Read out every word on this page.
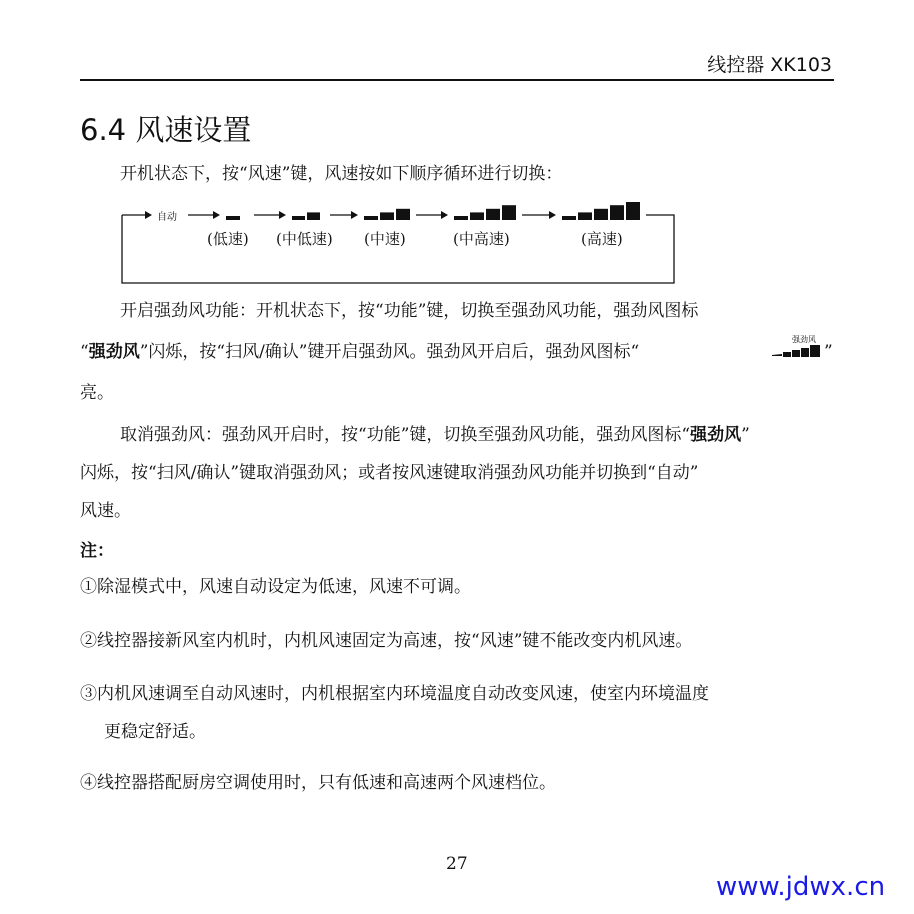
线控器 XK103
6.4 风速设置
开机状态下，按“风速”键，风速按如下顺序循环进行切换：
自动
(低速) (中低速) (中速)	(中高速)	(高速)
开启强劲风功能：开机状态下，按“功能”键，切换至强劲风功能，强劲风图标
“强劲风”闪烁，按“扫风/确认”键开启强劲风。强劲风开启后，强劲风图标“
强劲风
”
亮。
取消强劲风：强劲风开启时，按“功能”键，切换至强劲风功能，强劲风图标“强劲风”
闪烁，按“扫风/确认”键取消强劲风；或者按风速键取消强劲风功能并切换到“自动”
风速。
注：
①除湿模式中，风速自动设定为低速，风速不可调。
②线控器接新风室内机时，内机风速固定为高速，按“风速”键不能改变内机风速。
③内机风速调至自动风速时，内机根据室内环境温度自动改变风速，使室内环境温度
更稳定舒适。
④线控器搭配厨房空调使用时，只有低速和高速两个风速档位。
27
www.jdwx.cn
